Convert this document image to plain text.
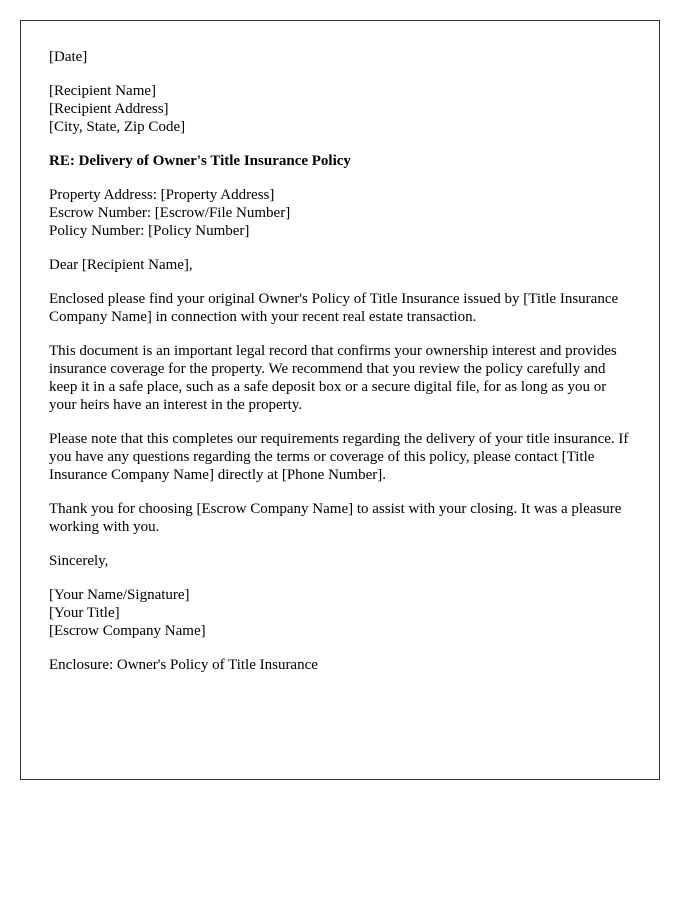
[Date]
[Recipient Name]
[Recipient Address]
[City, State, Zip Code]
RE: Delivery of Owner's Title Insurance Policy
Property Address: [Property Address]
Escrow Number: [Escrow/File Number]
Policy Number: [Policy Number]
Dear [Recipient Name],

Enclosed please find your original Owner's Policy of Title Insurance issued by [Title Insurance Company Name] in connection with your recent real estate transaction.

This document is an important legal record that confirms your ownership interest and provides insurance coverage for the property. We recommend that you review the policy carefully and keep it in a safe place, such as a safe deposit box or a secure digital file, for as long as you or your heirs have an interest in the property.

Please note that this completes our requirements regarding the delivery of your title insurance. If you have any questions regarding the terms or coverage of this policy, please contact [Title Insurance Company Name] directly at [Phone Number].

Thank you for choosing [Escrow Company Name] to assist with your closing. It was a pleasure working with you.

Sincerely,
[Your Name/Signature]
[Your Title]
[Escrow Company Name]
Enclosure: Owner's Policy of Title Insurance
